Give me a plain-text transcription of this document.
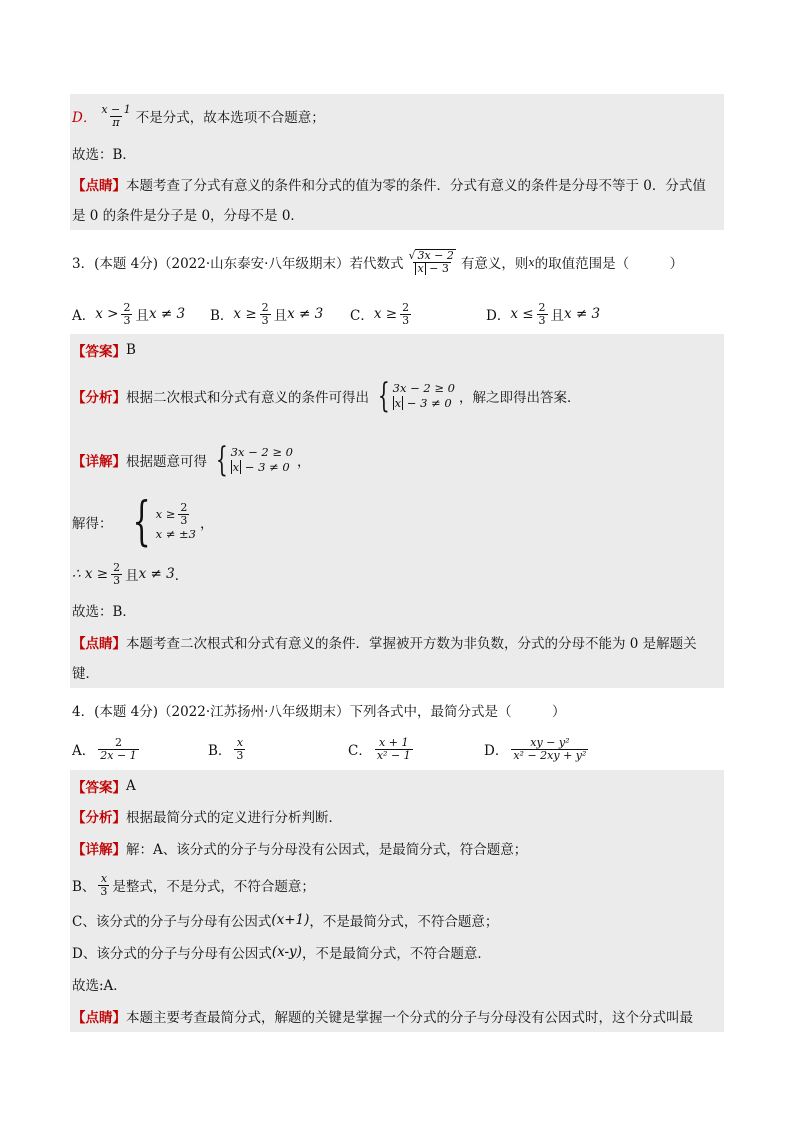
D． $\frac{x - 1}{\pi}$ 不是分式，故本选项不合题意；
故选：B．
【点睛】 本题考查了分式有意义的条件和分式的值为零的条件．分式有意义的条件是分母不等于 0．分式值
是 0 的条件是分子是 0，分母不是 0．
3．(本题 4分)（2022·山东泰安·八年级期末）若代数式 $\frac{√ 3x - 2}{x - 3}$ 有意义，则 x 的取值范围是（　　　）
A． $x > \frac{2}{3}$ 且 x ≠ 3 B． $x \ge \frac{2}{3}$ 且 x ≠ 3 C． $x \ge \frac{2}{3}$	D． $x \le \frac{2}{3}$ 且 x ≠ 3
【答案】 B
【分析】 根据二次根式和分式有意义的条件可得出 { 3x − 2 ≥ 0
x − 3 ≠ 0 ，解之即得出答案．
【详解】 根据题意可得 { 3x − 2 ≥ 0
x − 3 ≠ 0 ，
解得： { $x \ge \frac{2}{3}$
x ≠ ±3
，
∴ $x \ge \frac{2}{3}$ 且 x ≠ 3 ．
故选：B．
【点睛】 本题考查二次根式和分式有意义的条件．掌握被开方数为非负数，分式的分母不能为 0 是解题关
键．
4．(本题 4分)（2022·江苏扬州·八年级期末）下列各式中，最简分式是（　　　）
A． $\frac{2}{2x - 1}$	B． $\frac{x}{3}$	C． $\frac{x + 1}{\text{x² − 1}}$	D． $\frac{\text{xy − y²}}{\text{x² − 2xy + y²}}$
【答案】 A
【分析】 根据最简分式的定义进行分析判断．
【详解】 解：A、该分式的分子与分母没有公因式，是最简分式，符合题意；
B、 $\frac{x}{3}$ 是整式，不是分式，不符合题意；
C、该分式的分子与分母有公因式 (x+1) ，不是最简分式，不符合题意；
D、该分式的分子与分母有公因式 (x-y) ，不是最简分式，不符合题意．
故选:A．
【点睛】 本题主要考查最简分式，解题的关键是掌握一个分式的分子与分母没有公因式时，这个分式叫最
